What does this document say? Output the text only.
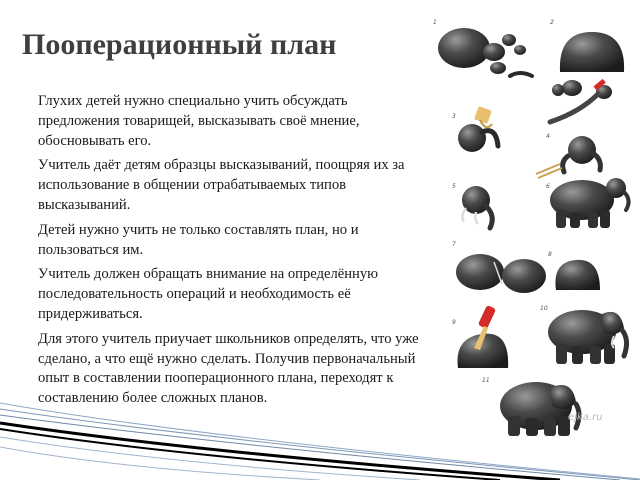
Пооперационный план

Глухих детей нужно специально учить обсуждать предложения товарищей, высказывать своё мнение, обосновывать его.

Учитель даёт детям образцы высказываний, поощряя их за использование в общении отрабатываемых типов высказываний.

Детей нужно учить не только составлять план, но и пользоваться им.

Учитель должен обращать внимание на определённую последовательность операций и необходимость её придерживаться.

Для этого учитель приучает школьников определять, что уже сделано, а что ещё нужно сделать. Получив первоначальный опыт в составлении пооперационного плана, переходят к составлению более сложных планов.

1	2
3
4
5	6
7
8
9
10
11
ejka.ru
